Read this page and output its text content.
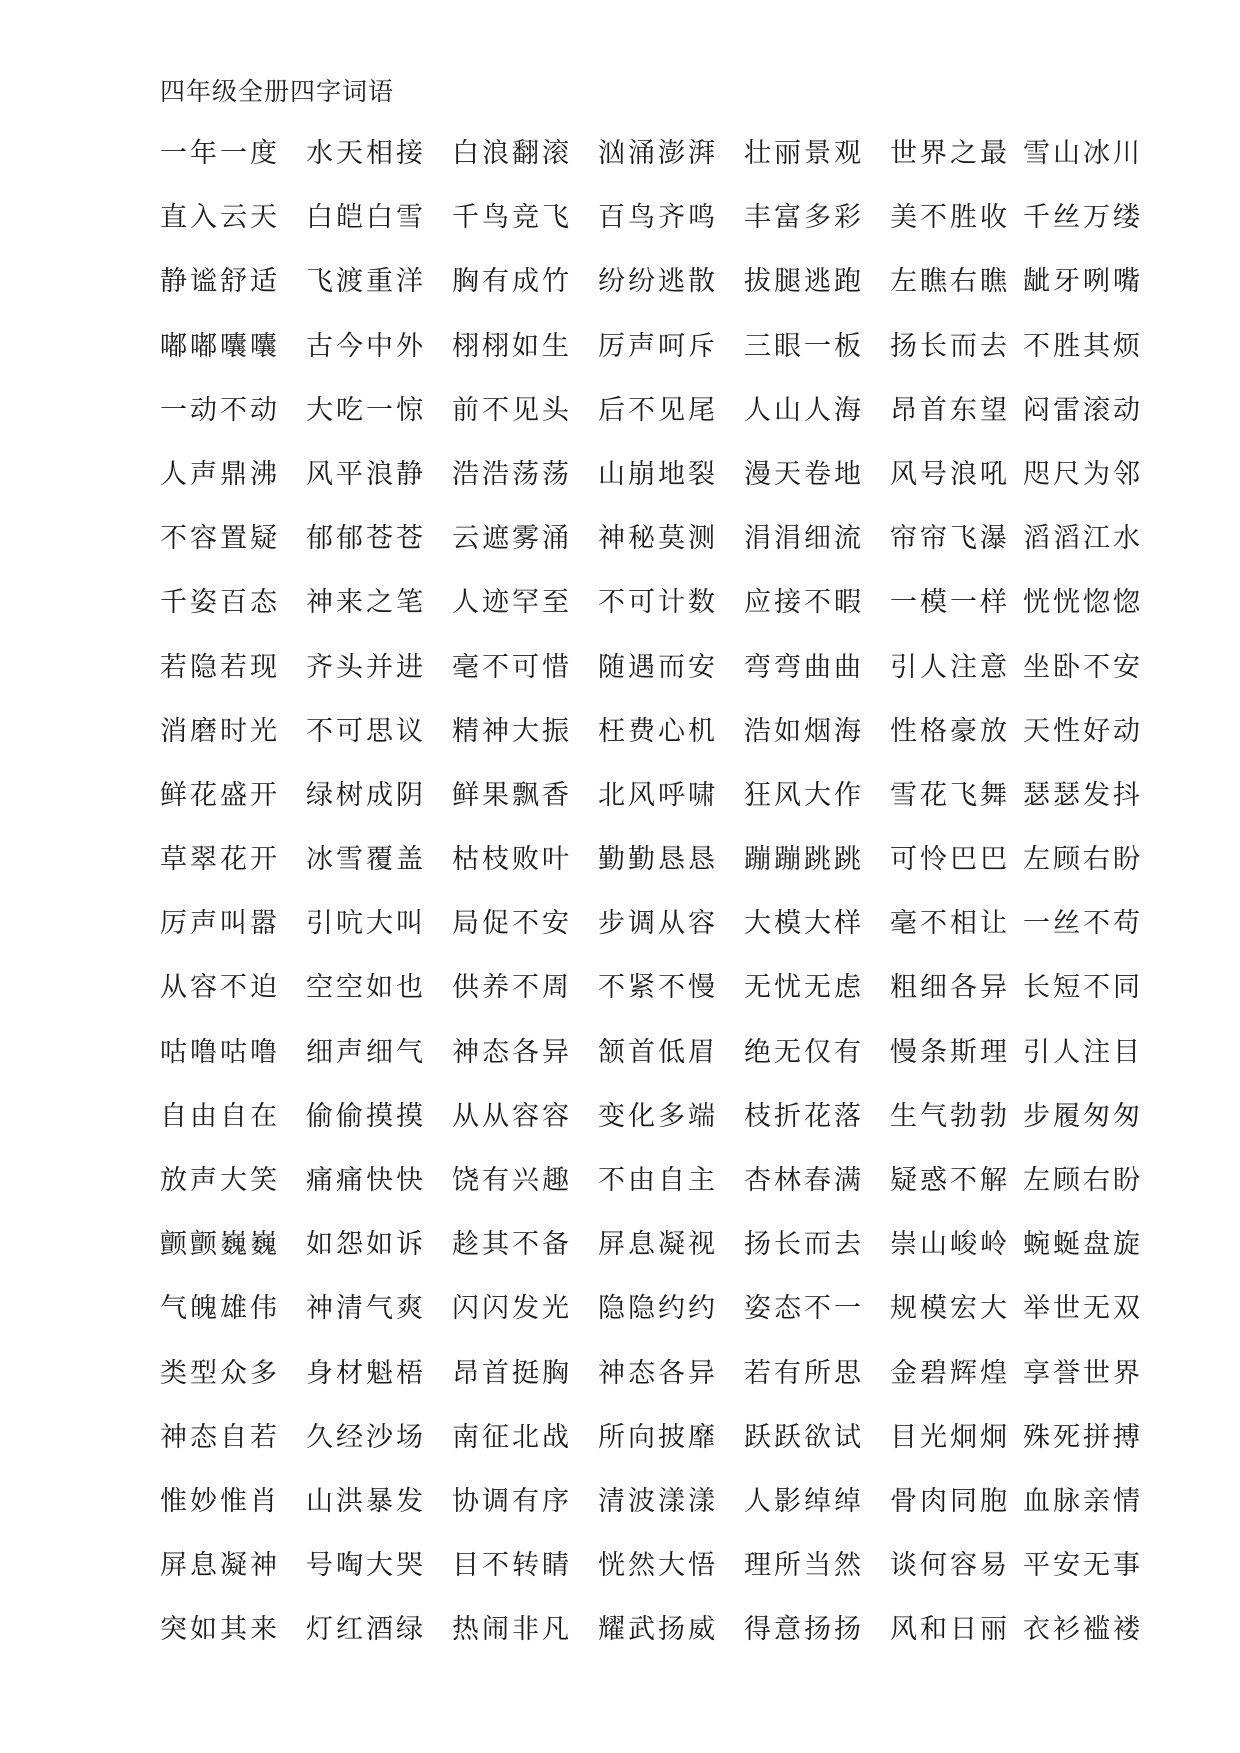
四年级全册四字词语
一年一度 水天相接 白浪翻滚 汹涌澎湃 壮丽景观 世界之最 雪山冰川
直入云天 白皑白雪 千鸟竞飞 百鸟齐鸣 丰富多彩 美不胜收 千丝万缕
静谧舒适 飞渡重洋 胸有成竹 纷纷逃散 拔腿逃跑 左瞧右瞧 龇牙咧嘴
嘟嘟囔囔 古今中外 栩栩如生 厉声呵斥 三眼一板 扬长而去 不胜其烦
一动不动 大吃一惊 前不见头 后不见尾 人山人海 昂首东望 闷雷滚动
人声鼎沸 风平浪静 浩浩荡荡 山崩地裂 漫天卷地 风号浪吼 咫尺为邻
不容置疑 郁郁苍苍 云遮雾涌 神秘莫测 涓涓细流 帘帘飞瀑 滔滔江水
千姿百态 神来之笔 人迹罕至 不可计数 应接不暇 一模一样 恍恍惚惚
若隐若现 齐头并进 毫不可惜 随遇而安 弯弯曲曲 引人注意 坐卧不安
消磨时光 不可思议 精神大振 枉费心机 浩如烟海 性格豪放 天性好动
鲜花盛开 绿树成阴 鲜果飘香 北风呼啸 狂风大作 雪花飞舞 瑟瑟发抖
草翠花开 冰雪覆盖 枯枝败叶 勤勤恳恳 蹦蹦跳跳 可怜巴巴 左顾右盼
厉声叫嚣 引吭大叫 局促不安 步调从容 大模大样 毫不相让 一丝不苟
从容不迫 空空如也 供养不周 不紧不慢 无忧无虑 粗细各异 长短不同
咕噜咕噜 细声细气 神态各异 颔首低眉 绝无仅有 慢条斯理 引人注目
自由自在 偷偷摸摸 从从容容 变化多端 枝折花落 生气勃勃 步履匆匆
放声大笑 痛痛快快 饶有兴趣 不由自主 杏林春满 疑惑不解 左顾右盼
颤颤巍巍 如怨如诉 趁其不备 屏息凝视 扬长而去 崇山峻岭 蜿蜒盘旋
气魄雄伟 神清气爽 闪闪发光 隐隐约约 姿态不一 规模宏大 举世无双
类型众多 身材魁梧 昂首挺胸 神态各异 若有所思 金碧辉煌 享誉世界
神态自若 久经沙场 南征北战 所向披靡 跃跃欲试 目光炯炯 殊死拼搏
惟妙惟肖 山洪暴发 协调有序 清波漾漾 人影绰绰 骨肉同胞 血脉亲情
屏息凝神 号啕大哭 目不转睛 恍然大悟 理所当然 谈何容易 平安无事
突如其来 灯红酒绿 热闹非凡 耀武扬威 得意扬扬 风和日丽 衣衫褴褛
